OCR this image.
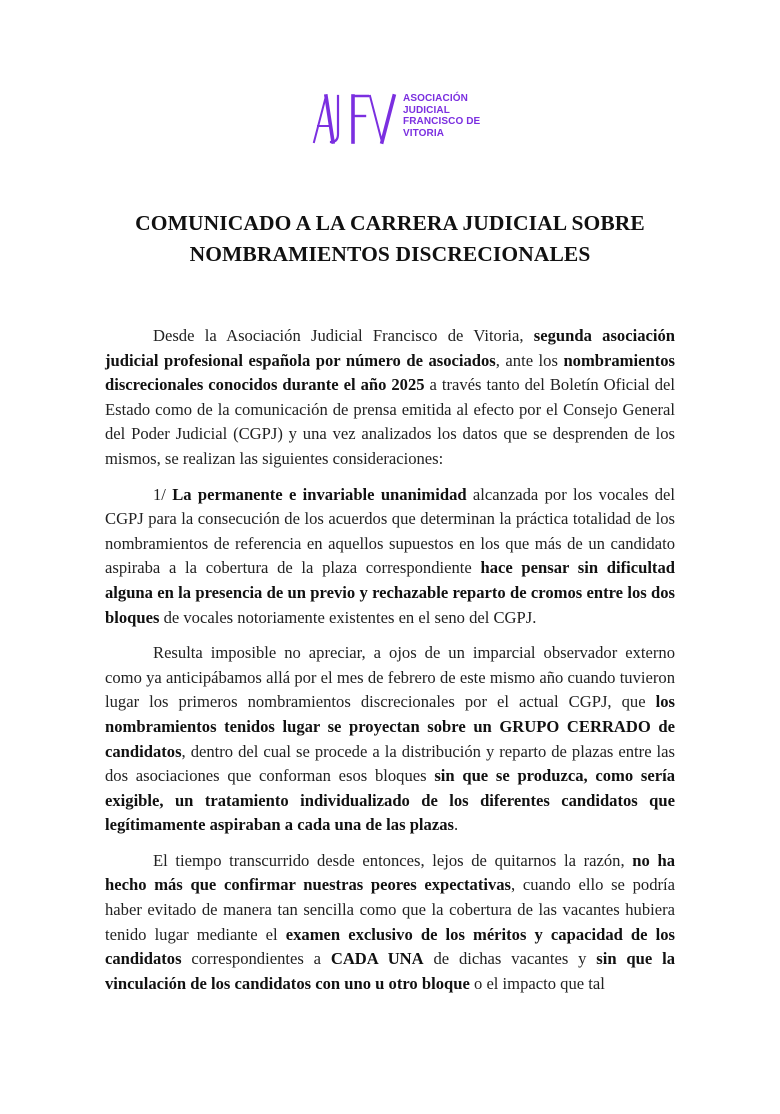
ASOCIACIÓN
JUDICIAL
FRANCISCO DE
VITORIA
COMUNICADO A LA CARRERA JUDICIAL SOBRE
NOMBRAMIENTOS DISCRECIONALES

Desde la Asociación Judicial Francisco de Vitoria, segunda asociación judicial profesional española por número de asociados, ante los nombramientos discrecionales conocidos durante el año 2025 a través tanto del Boletín Oficial del Estado como de la comunicación de prensa emitida al efecto por el Consejo General del Poder Judicial (CGPJ) y una vez analizados los datos que se desprenden de los mismos, se realizan las siguientes consideraciones:

1/ La permanente e invariable unanimidad alcanzada por los vocales del CGPJ para la consecución de los acuerdos que determinan la práctica totalidad de los nombramientos de referencia en aquellos supuestos en los que más de un candidato aspiraba a la cobertura de la plaza correspondiente hace pensar sin dificultad alguna en la presencia de un previo y rechazable reparto de cromos entre los dos bloques de vocales notoriamente existentes en el seno del CGPJ.

Resulta imposible no apreciar, a ojos de un imparcial observador externo como ya anticipábamos allá por el mes de febrero de este mismo año cuando tuvieron lugar los primeros nombramientos discrecionales por el actual CGPJ, que los nombramientos tenidos lugar se proyectan sobre un GRUPO CERRADO de candidatos, dentro del cual se procede a la distribución y reparto de plazas entre las dos asociaciones que conforman esos bloques sin que se produzca, como sería exigible, un tratamiento individualizado de los diferentes candidatos que legítimamente aspiraban a cada una de las plazas.

El tiempo transcurrido desde entonces, lejos de quitarnos la razón, no ha hecho más que confirmar nuestras peores expectativas, cuando ello se podría haber evitado de manera tan sencilla como que la cobertura de las vacantes hubiera tenido lugar mediante el examen exclusivo de los méritos y capacidad de los candidatos correspondientes a CADA UNA de dichas vacantes y sin que la vinculación de los candidatos con uno u otro bloque o el impacto que tal
